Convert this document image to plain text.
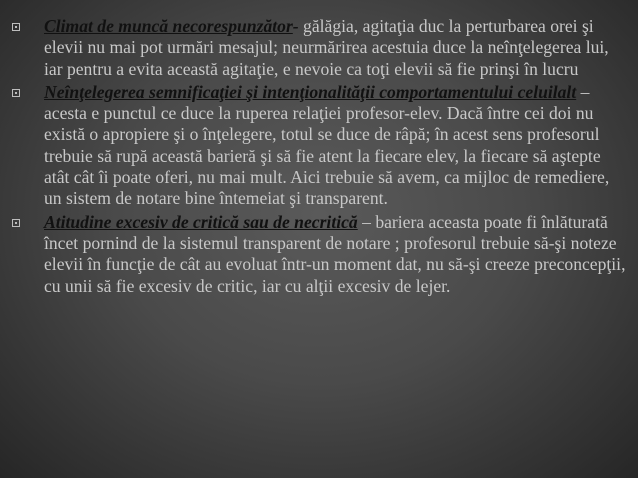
Climat de muncă necorespunzător- gălăgia, agitaţia duc la perturbarea orei şi elevii nu mai pot urmări mesajul; neurmărirea acestuia duce la neînţelegerea lui, iar pentru a evita această agitaţie, e nevoie ca toţi elevii să fie prinşi în lucru
Neînţelegerea semnificaţiei şi intenţionalităţii comportamentului celuilalt – acesta e punctul ce duce la ruperea relaţiei profesor-elev. Dacă între cei doi nu există o apropiere şi o înţelegere, totul se duce de râpă; în acest sens profesorul trebuie să rupă această barieră şi să fie atent la fiecare elev, la fiecare să aştepte atât cât îi poate oferi, nu mai mult. Aici trebuie să avem, ca mijloc de remediere, un sistem de notare bine întemeiat şi transparent.
Atitudine excesiv de critică sau de necritică – bariera aceasta poate fi înlăturată încet pornind de la sistemul transparent de notare ; profesorul trebuie să-şi noteze elevii în funcţie de cât au evoluat într-un moment dat, nu să-şi creeze preconcepţii, cu unii să fie excesiv de critic, iar cu alţii excesiv de lejer.
